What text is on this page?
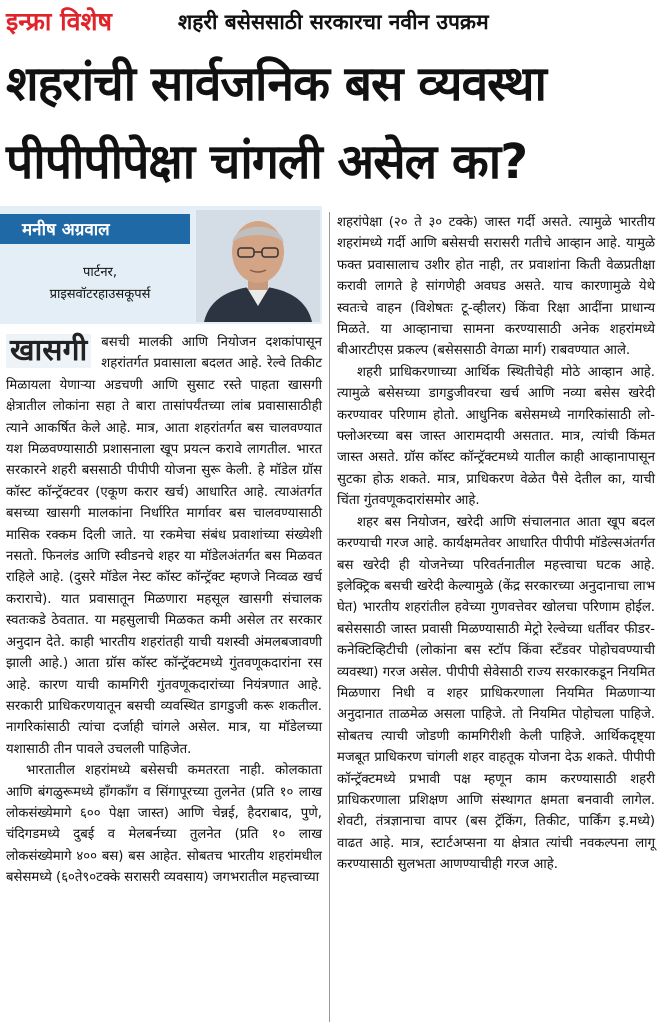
इन्फ्रा विशेष	शहरी बसेससाठी सरकारचा नवीन उपक्रम
शहरांची सार्वजनिक बस व्यवस्था
पीपीपीपेक्षा चांगली असेल का?
मनीष अग्रवाल
पार्टनर,
प्राइसवॉटरहाउसकूपर्स
खासगी	बसची मालकी आणि नियोजन दशकांपासून शहरांतर्गत प्रवासाला बदलत आहे. रेल्वे तिकीट मिळायला येणाऱ्या अडचणी आणि सुसाट रस्ते पाहता खासगी क्षेत्रातील लोकांना सहा ते बारा तासांपर्यंतच्या लांब प्रवासासाठीही त्याने आकर्षित केले आहे. मात्र, आता शहरांतर्गत बस चालवण्यात यश मिळवण्यासाठी प्रशासनाला खूप प्रयत्न करावे लागतील. भारत सरकारने शहरी बससाठी पीपीपी योजना सुरू केली. हे मॉडेल ग्रॉस कॉस्ट कॉन्ट्रॅक्टवर (एकूण करार खर्च) आधारित आहे. त्याअंतर्गत बसच्या खासगी मालकांना निर्धारित मार्गावर बस चालवण्यासाठी मासिक रक्कम दिली जाते. या रकमेचा संबंध प्रवाशांच्या संख्येशी नसतो. फिनलंड आणि स्वीडनचे शहर या मॉडेलअंतर्गत बस मिळवत राहिले आहे. (दुसरे मॉडेल नेस्ट कॉस्ट कॉन्ट्रॅक्ट म्हणजे निव्वळ खर्च कराराचे). यात प्रवासातून मिळणारा महसूल खासगी संचालक स्वतःकडे ठेवतात. या महसुलाची मिळकत कमी असेल तर सरकार अनुदान देते. काही भारतीय शहरांतही याची यशस्वी अंमलबजावणी झाली आहे.) आता ग्रॉस कॉस्ट कॉन्ट्रॅक्टमध्ये गुंतवणूकदारांना रस आहे. कारण याची कामगिरी गुंतवणूकदारांच्या नियंत्रणात आहे. सरकारी प्राधिकरणयातून बसची व्यवस्थित डागडुजी करू शकतील. नागरिकांसाठी त्यांचा दर्जाही चांगले असेल. मात्र, या मॉडेलच्या यशासाठी तीन पावले उचलली पाहिजेत.

भारतातील शहरांमध्ये बसेसची कमतरता नाही. कोलकाता आणि बंगळुरूमध्ये हाँगकाँग व सिंगापूरच्या तुलनेत (प्रति १० लाख लोकसंख्येमागे ६०० पेक्षा जास्त) आणि चेन्नई, हैदराबाद, पुणे, चंदिगडमध्ये दुबई व मेलबर्नच्या तुलनेत (प्रति १० लाख लोकसंख्येमागे ४०० बस) बस आहेत. सोबतच भारतीय शहरांमधील बसेसमध्ये (६०ते९०टक्के सरासरी व्यवसाय) जगभरातील महत्त्वाच्या

शहरांपेक्षा (२० ते ३० टक्के) जास्त गर्दी असते. त्यामुळे भारतीय शहरांमध्ये गर्दी आणि बसेसची सरासरी गतीचे आव्हान आहे. यामुळे फक्त प्रवासालाच उशीर होत नाही, तर प्रवाशांना किती वेळप्रतीक्षा करावी लागते हे सांगणेही अवघड असते. याच कारणामुळे येथे स्वतःचे वाहन (विशेषतः टू-व्हीलर) किंवा रिक्षा आदींना प्राधान्य मिळते. या आव्हानाचा सामना करण्यासाठी अनेक शहरांमध्ये बीआरटीएस प्रकल्प (बसेससाठी वेगळा मार्ग) राबवण्यात आले.

शहरी प्राधिकरणाच्या आर्थिक स्थितीचेही मोठे आव्हान आहे. त्यामुळे बसेसच्या डागडुजीवरचा खर्च आणि नव्या बसेस खरेदी करण्यावर परिणाम होतो. आधुनिक बसेसमध्ये नागरिकांसाठी लो-फ्लोअरच्या बस जास्त आरामदायी असतात. मात्र, त्यांची किंमत जास्त असते. ग्रॉस कॉस्ट कॉन्ट्रॅक्टमध्ये यातील काही आव्हानापासून सुटका होऊ शकते. मात्र, प्राधिकरण वेळेत पैसे देतील का, याची चिंता गुंतवणूकदारांसमोर आहे.

शहर बस नियोजन, खरेदी आणि संचालनात आता खूप बदल करण्याची गरज आहे. कार्यक्षमतेवर आधारित पीपीपी मॉडेल्सअंतर्गत बस खरेदी ही योजनेच्या परिवर्तनातील महत्त्वाचा घटक आहे. इलेक्ट्रिक बसची खरेदी केल्यामुळे (केंद्र सरकारच्या अनुदानाचा लाभ घेत) भारतीय शहरांतील हवेच्या गुणवत्तेवर खोलचा परिणाम होईल. बसेससाठी जास्त प्रवासी मिळण्यासाठी मेट्रो रेल्वेच्या धर्तीवर फीडर-कनेक्टिव्हिटीची (लोकांना बस स्टॉप किंवा स्टॅंडवर पोहोचवण्याची व्यवस्था) गरज असेल. पीपीपी सेवेसाठी राज्य सरकारकडून नियमित मिळणारा निधी व शहर प्राधिकरणाला नियमित मिळणाऱ्या अनुदानात ताळमेळ असला पाहिजे. तो नियमित पोहोचला पाहिजे. सोबतच त्याची जोडणी कामगिरीशी केली पाहिजे. आर्थिकदृष्ट्या मजबूत प्राधिकरण चांगली शहर वाहतूक योजना देऊ शकते. पीपीपी कॉन्ट्रॅक्टमध्ये प्रभावी पक्ष म्हणून काम करण्यासाठी शहरी प्राधिकरणाला प्रशिक्षण आणि संस्थागत क्षमता बनवावी लागेल. शेवटी, तंत्रज्ञानाचा वापर (बस ट्रॅकिंग, तिकीट, पार्किंग इ.मध्ये) वाढत आहे. मात्र, स्टार्टअप्सना या क्षेत्रात त्यांची नवकल्पना लागू करण्यासाठी सुलभता आणण्याचीही गरज आहे.
